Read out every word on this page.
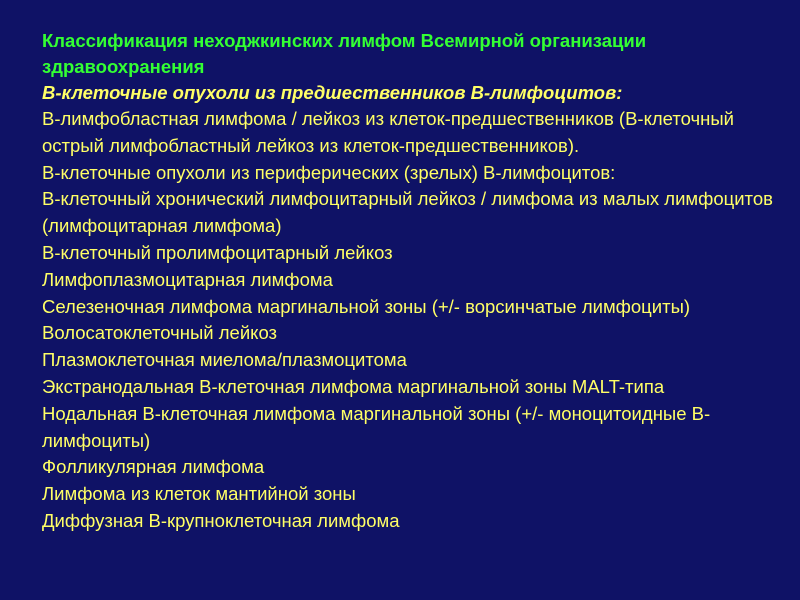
Классификация неходжкинских лимфом Всемирной организации здравоохранения

В-клеточные опухоли из предшественников В-лимфоцитов:

В-лимфобластная лимфома / лейкоз из клеток-предшественников (В-клеточный острый лимфобластный лейкоз из клеток-предшественников).

В-клеточные опухоли из периферических (зрелых) В-лимфоцитов:

В-клеточный хронический лимфоцитарный лейкоз / лимфома из малых лимфоцитов (лимфоцитарная лимфома)

В-клеточный пролимфоцитарный лейкоз

Лимфоплазмоцитарная лимфома

Селезеночная лимфома маргинальной зоны (+/- ворсинчатые лимфоциты)

Волосатоклеточный лейкоз

Плазмоклеточная миелома/плазмоцитома

Экстранодальная В-клеточная лимфома маргинальной зоны MALT-типа

Нодальная В-клеточная лимфома маргинальной зоны (+/- моноцитоидные В- лимфоциты)

Фолликулярная лимфома

Лимфома из клеток мантийной зоны

Диффузная В-крупноклеточная лимфома
